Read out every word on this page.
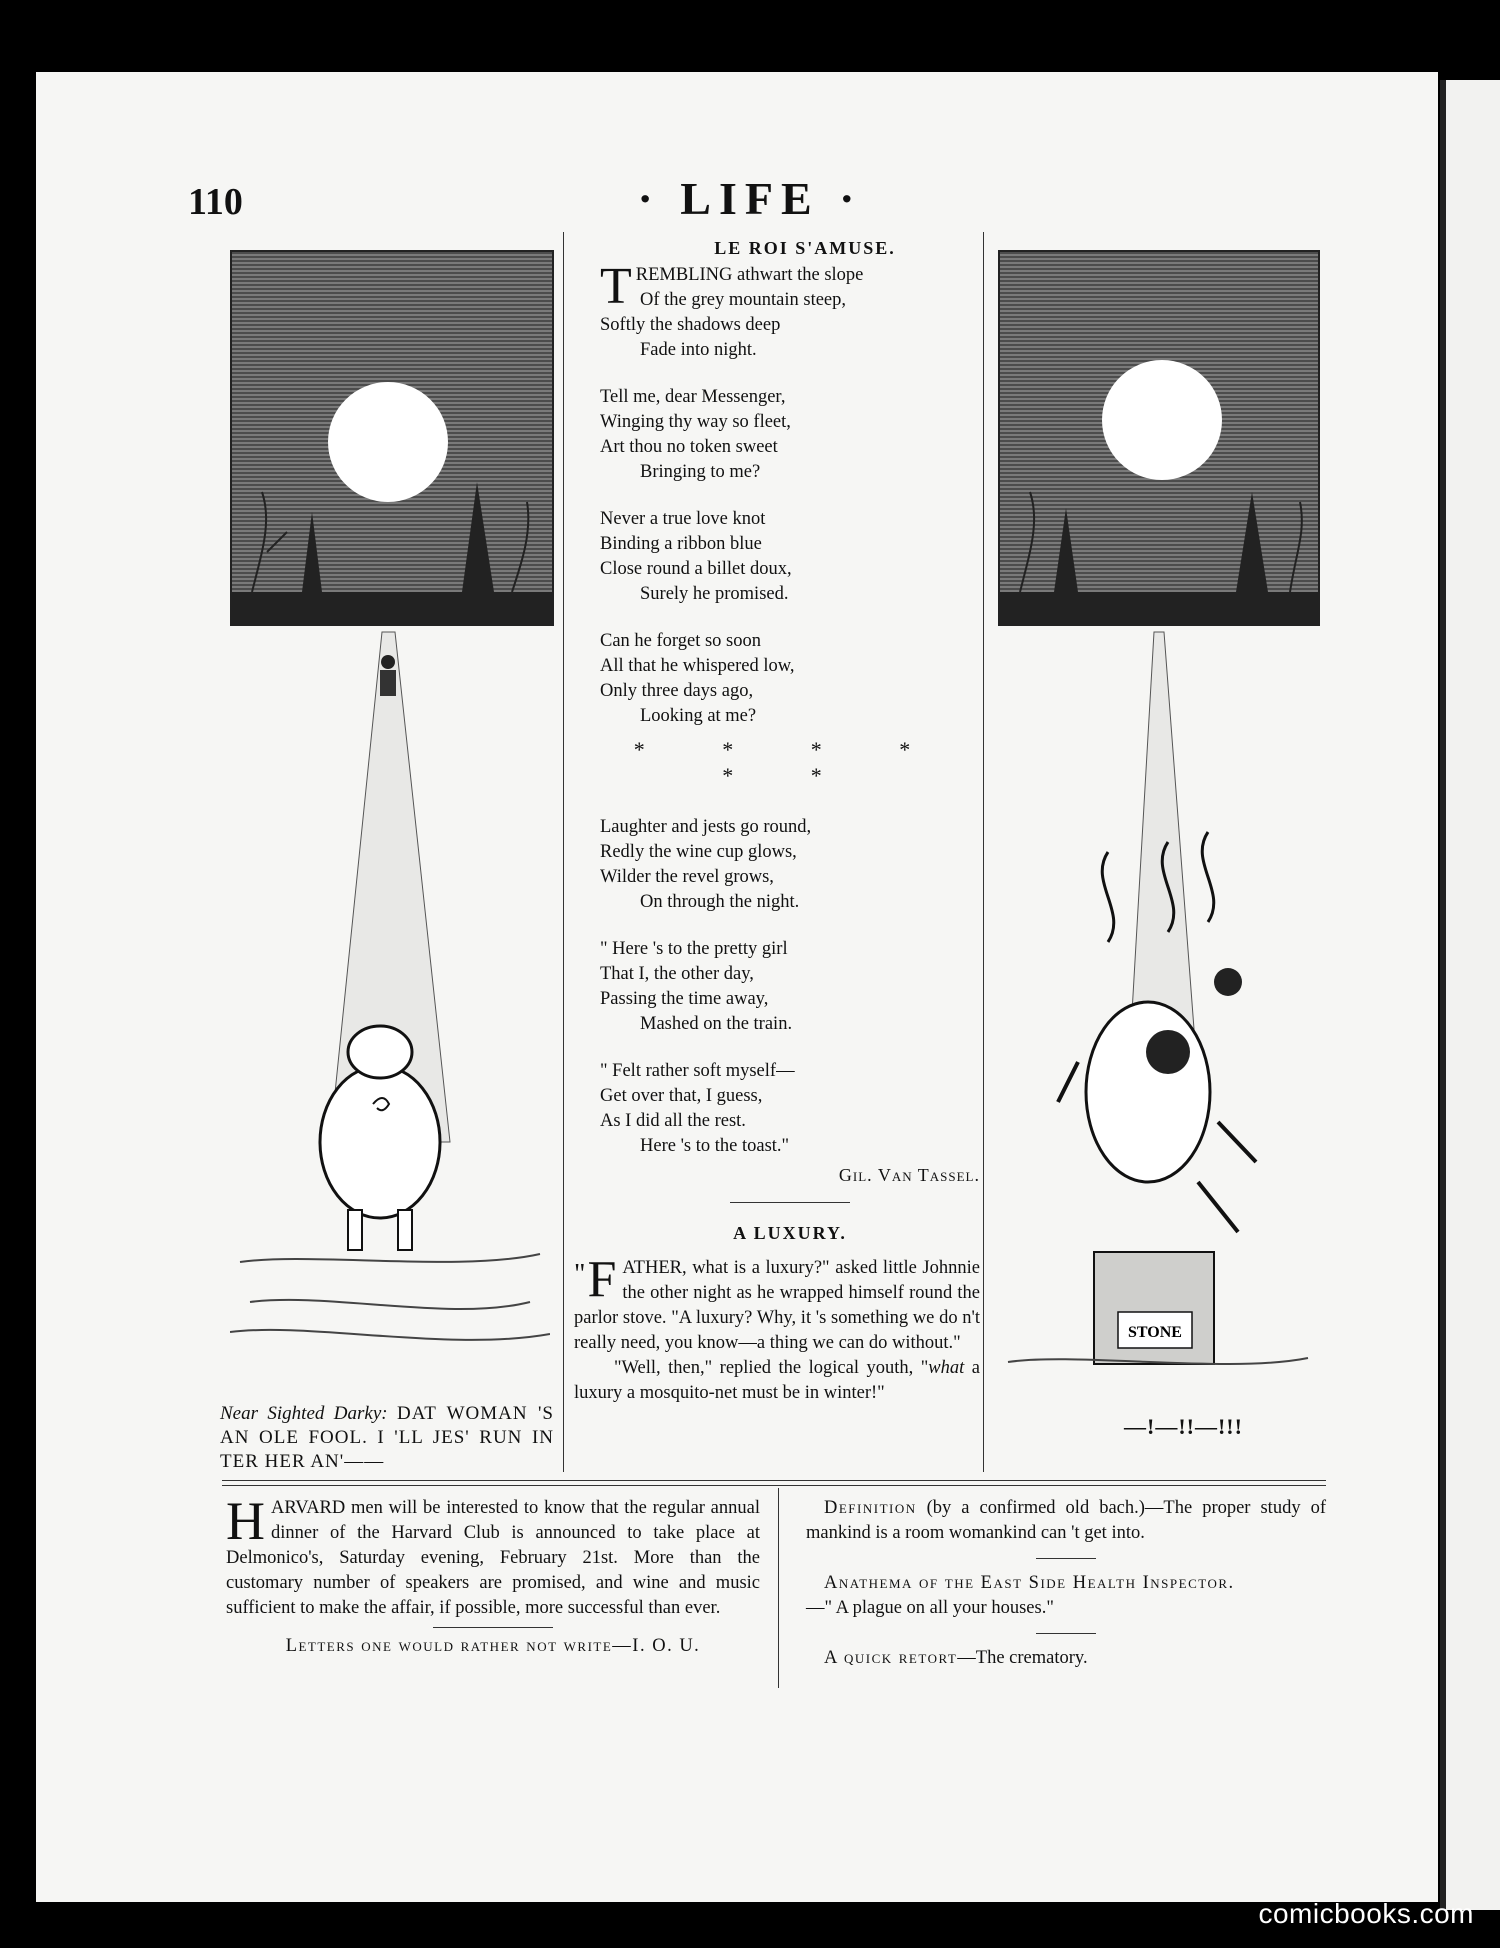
110	· LIFE ·
Near Sighted Darky: DAT WOMAN 'S AN OLE FOOL. I 'LL JES' RUN IN TER HER AN'——
STONE
—!—!!—!!!
LE ROI S'AMUSE.
T REMBLING athwart the slope
Of the grey mountain steep,
Softly the shadows deep
Fade into night.
Tell me, dear Messenger,
Winging thy way so fleet,
Art thou no token sweet
Bringing to me?
Never a true love knot
Binding a ribbon blue
Close round a billet doux,
Surely he promised.
Can he forget so soon
All that he whispered low,
Only three days ago,
Looking at me?
* * * * * *
Laughter and jests go round,
Redly the wine cup glows,
Wilder the revel grows,
On through the night.
" Here 's to the pretty girl
That I, the other day,
Passing the time away,
Mashed on the train.
" Felt rather soft myself—
Get over that, I guess,
As I did all the rest.
Here 's to the toast."
Gil. Van Tassel.
A LUXURY.

" F ATHER, what is a luxury?" asked little Johnnie the other night as he wrapped himself round the parlor stove. "A luxury? Why, it 's something we do n't really need, you know—a thing we can do without."

"Well, then," replied the logical youth, "what a luxury a mosquito-net must be in winter!"

H ARVARD men will be interested to know that the regular annual dinner of the Harvard Club is announced to take place at Delmonico's, Saturday evening, February 21st. More than the customary number of speakers are promised, and wine and music sufficient to make the affair, if possible, more successful than ever.
Letters one would rather not write—I. O. U.
Definition (by a confirmed old bach.)—The proper study of mankind is a room womankind can 't get into.
Anathema of the East Side Health Inspector.
—" A plague on all your houses."
A quick retort—The crematory.
comicbooks.com
